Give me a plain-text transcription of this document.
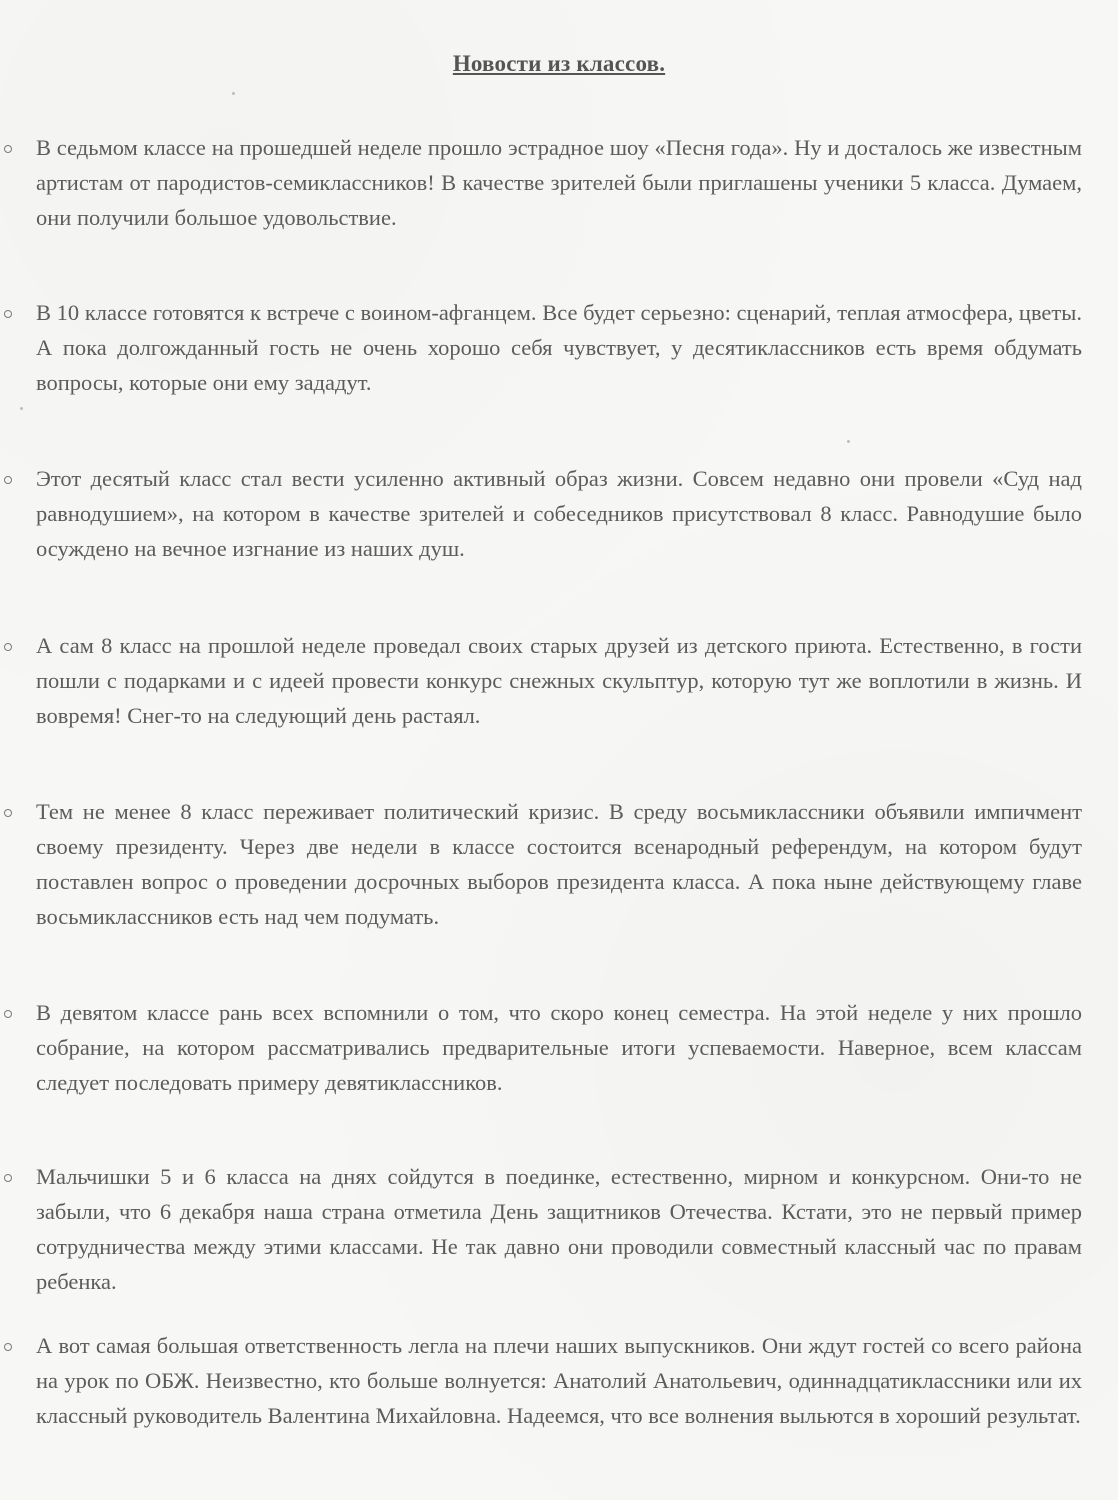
Новости из классов.
В седьмом классе на прошедшей неделе прошло эстрадное шоу «Песня года». Ну и досталось же известным артистам от пародистов-семиклассников! В качестве зрителей были приглашены ученики 5 класса. Думаем, они получили большое удовольствие.
В 10 классе готовятся к встрече с воином-афганцем. Все будет серьезно: сценарий, теплая атмосфера, цветы. А пока долгожданный гость не очень хорошо себя чувствует, у десятиклассников есть время обдумать вопросы, которые они ему зададут.
Этот десятый класс стал вести усиленно активный образ жизни. Совсем недавно они провели «Суд над равнодушием», на котором в качестве зрителей и собеседников присутствовал 8 класс. Равнодушие было осуждено на вечное изгнание из наших душ.
А сам 8 класс на прошлой неделе проведал своих старых друзей из детского приюта. Естественно, в гости пошли с подарками и с идеей провести конкурс снежных скульптур, которую тут же воплотили в жизнь. И вовремя! Снег-то на следующий день растаял.
Тем не менее 8 класс переживает политический кризис. В среду восьмиклассники объявили импичмент своему президенту. Через две недели в классе состоится всенародный референдум, на котором будут поставлен вопрос о проведении досрочных выборов президента класса. А пока ныне действующему главе восьмиклассников есть над чем подумать.
В девятом классе рань всех вспомнили о том, что скоро конец семестра. На этой неделе у них прошло собрание, на котором рассматривались предварительные итоги успеваемости. Наверное, всем классам следует последовать примеру девятиклассников.
Мальчишки 5 и 6 класса на днях сойдутся в поединке, естественно, мирном и конкурсном. Они-то не забыли, что 6 декабря наша страна отметила День защитников Отечества. Кстати, это не первый пример сотрудничества между этими классами. Не так давно они проводили совместный классный час по правам ребенка.
А вот самая большая ответственность легла на плечи наших выпускников. Они ждут гостей со всего района на урок по ОБЖ. Неизвестно, кто больше волнуется: Анатолий Анатольевич, одиннадцатиклассники или их классный руководитель Валентина Михайловна. Надеемся, что все волнения выльются в хороший результат.
